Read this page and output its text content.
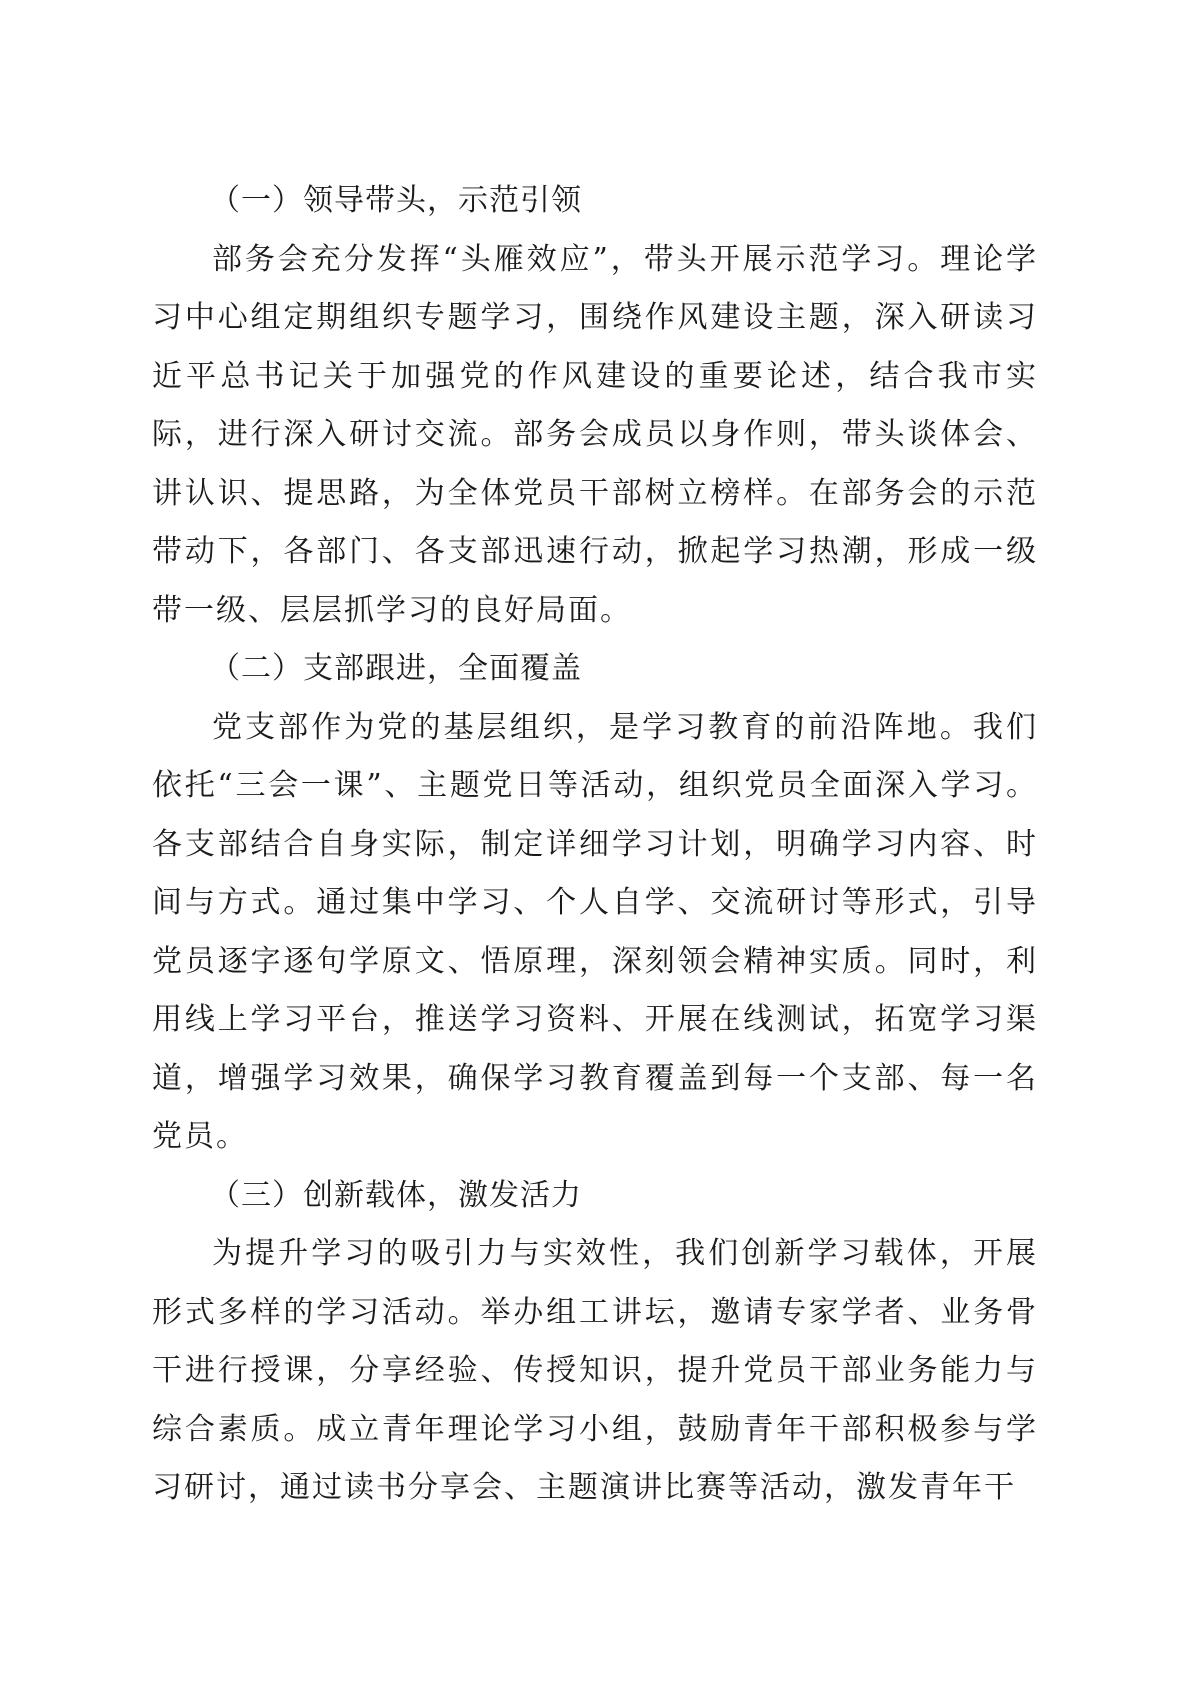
（一）领导带头，示范引领

部务会充分发挥“头雁效应”，带头开展示范学习。理论学习中心组定期组织专题学习，围绕作风建设主题，深入研读习近平总书记关于加强党的作风建设的重要论述，结合我市实际，进行深入研讨交流。部务会成员以身作则，带头谈体会、讲认识、提思路，为全体党员干部树立榜样。在部务会的示范带动下，各部门、各支部迅速行动，掀起学习热潮，形成一级带一级、层层抓学习的良好局面。

（二）支部跟进，全面覆盖

党支部作为党的基层组织，是学习教育的前沿阵地。我们依托“三会一课”、主题党日等活动，组织党员全面深入学习。各支部结合自身实际，制定详细学习计划，明确学习内容、时间与方式。通过集中学习、个人自学、交流研讨等形式，引导党员逐字逐句学原文、悟原理，深刻领会精神实质。同时，利用线上学习平台，推送学习资料、开展在线测试，拓宽学习渠道，增强学习效果，确保学习教育覆盖到每一个支部、每一名党员。

（三）创新载体，激发活力

为提升学习的吸引力与实效性，我们创新学习载体，开展形式多样的学习活动。举办组工讲坛，邀请专家学者、业务骨干进行授课，分享经验、传授知识，提升党员干部业务能力与综合素质。成立青年理论学习小组，鼓励青年干部积极参与学习研讨，通过读书分享会、主题演讲比赛等活动，激发青年干
